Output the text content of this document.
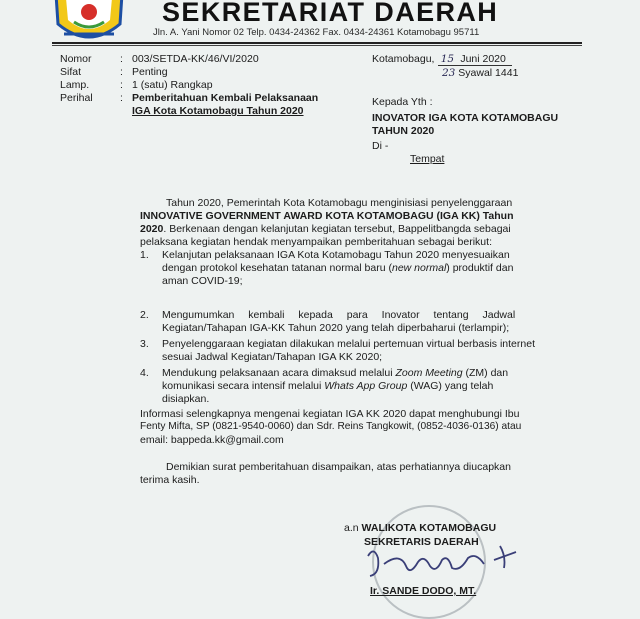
SEKRETARIAT DAERAH
Jln. A. Yani Nomor 02 Telp. 0434-24362 Fax. 0434-24361 Kotamobagu 95711
Nomor	: 003/SETDA-KK/46/VI/2020
Sifat	: Penting
Lamp.	: 1 (satu) Rangkap
Perihal	: Pemberitahuan Kembali Pelaksanaan
IGA Kota Kotamobagu Tahun 2020
Kotamobagu, 15 Juni 2020
23 Syawal 1441
Kepada Yth :
INOVATOR IGA KOTA KOTAMOBAGU
TAHUN 2020
Di -
Tempat
Tahun 2020, Pemerintah Kota Kotamobagu menginisiasi penyelenggaraan
INNOVATIVE GOVERNMENT AWARD KOTA KOTAMOBAGU (IGA KK) Tahun
2020. Berkenaan dengan kelanjutan kegiatan tersebut, Bappelitbangda sebagai
pelaksana kegiatan hendak menyampaikan pemberitahuan sebagai berikut:
1. Kelanjutan pelaksanaan IGA Kota Kotamobagu Tahun 2020 menyesuaikan
dengan protokol kesehatan tatanan normal baru (new normal) produktif dan
aman COVID-19;
2. Mengumumkan kembali kepada para Inovator tentang Jadwal
Kegiatan/Tahapan IGA-KK Tahun 2020 yang telah diperbaharui (terlampir);
3. Penyelenggaraan kegiatan dilakukan melalui pertemuan virtual berbasis internet
sesuai Jadwal Kegiatan/Tahapan IGA KK 2020;
4. Mendukung pelaksanaan acara dimaksud melalui Zoom Meeting (ZM) dan
komunikasi secara intensif melalui Whats App Group (WAG) yang telah
disiapkan.
Informasi selengkapnya mengenai kegiatan IGA KK 2020 dapat menghubungi Ibu
Fenty Mifta, SP (0821-9540-0060) dan Sdr. Reins Tangkowit, (0852-4036-0136) atau
email: bappeda.kk@gmail.com
Demikian surat pemberitahuan disampaikan, atas perhatiannya diucapkan
terima kasih.
a.n WALIKOTA KOTAMOBAGU
SEKRETARIS DAERAH
Ir. SANDE DODO, MT.
